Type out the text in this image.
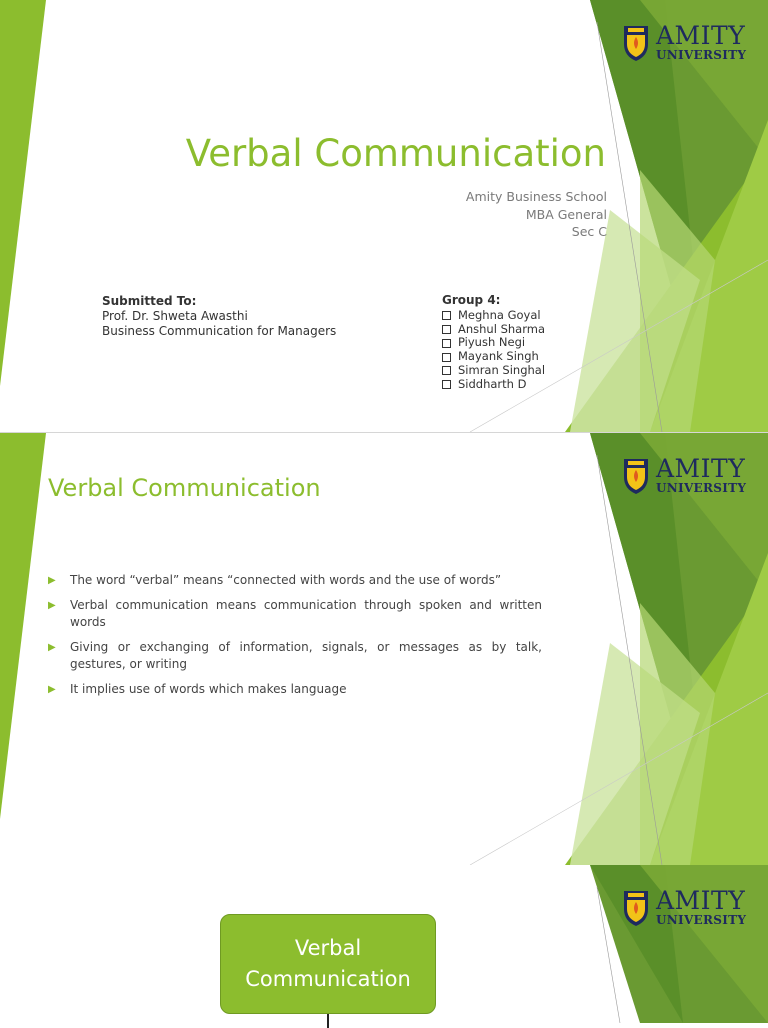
AMITY
UNIVERSITY
Verbal Communication
Amity Business School
MBA General
Sec C
Submitted To:
Prof. Dr. Shweta Awasthi
Business Communication for Managers
Group 4:
Meghna Goyal
Anshul Sharma
Piyush Negi
Mayank Singh
Simran Singhal
Siddharth D
AMITY
UNIVERSITY
Verbal Communication
▶	The word “verbal” means “connected with words and the use of words”
▶	Verbal communication means communication through spoken and written words
▶	Giving or exchanging of information, signals, or messages as by talk, gestures, or writing
▶	It implies use of words which makes language
AMITY
UNIVERSITY
Verbal Communication
